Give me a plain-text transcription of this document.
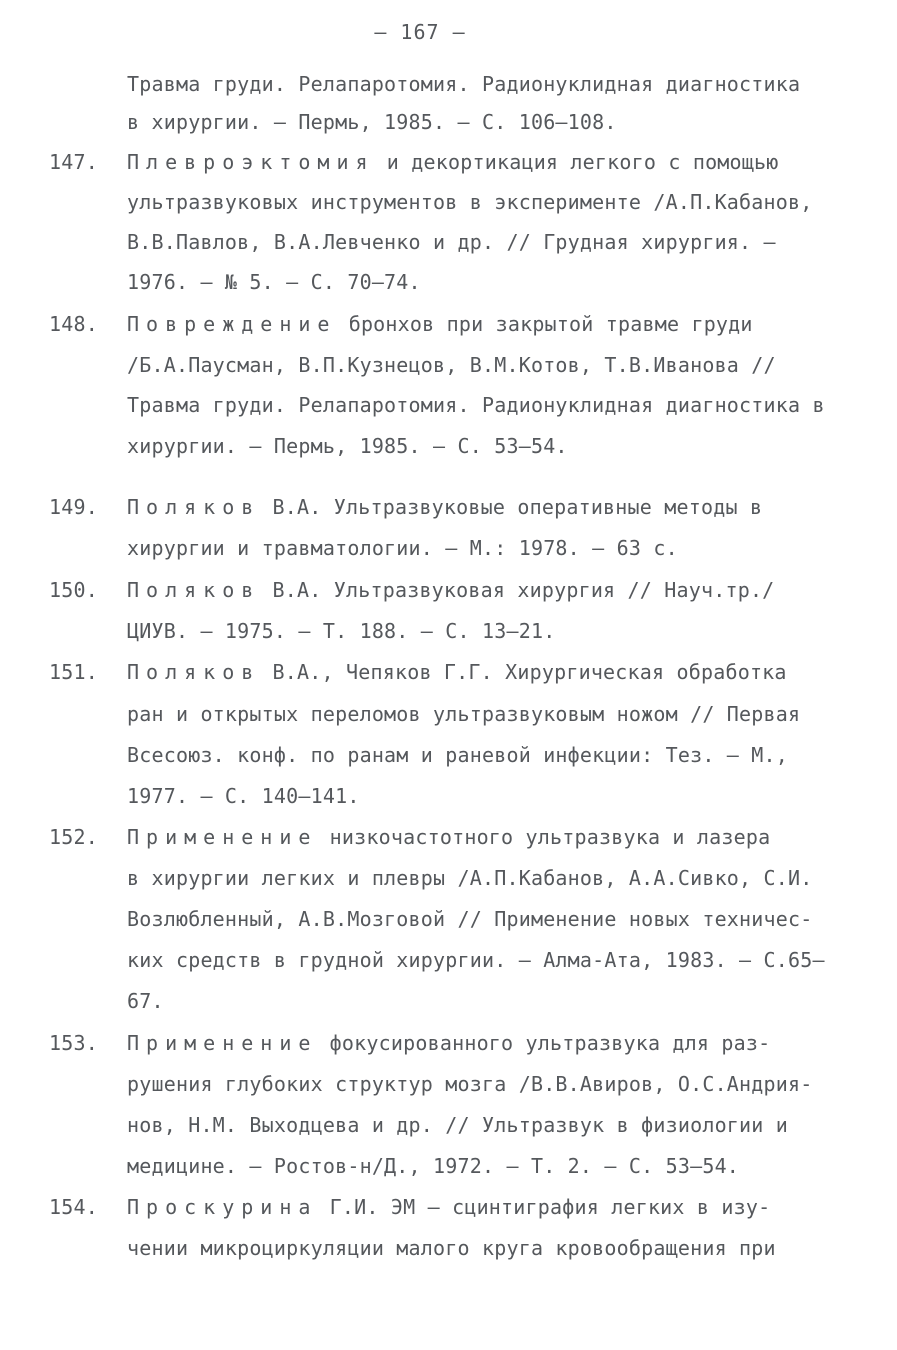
– 167 –
Травма груди. Релапаротомия. Радионуклидная диагностика
в хирургии. – Пермь, 1985. – С. 106–108.
147. Плевроэктомия и декортикация легкого с помощью
ультразвуковых инструментов в эксперименте /А.П.Кабанов,
В.В.Павлов, В.А.Левченко и др. // Грудная хирургия. –
1976. – № 5. – С. 70–74.
148. Повреждение бронхов при закрытой травме груди
/Б.А.Паусман, В.П.Кузнецов, В.М.Котов, Т.В.Иванова //
Травма груди. Релапаротомия. Радионуклидная диагностика в
хирургии. – Пермь, 1985. – С. 53–54.
149. Поляков В.А. Ультразвуковые оперативные методы в
хирургии и травматологии. – М.: 1978. – 63 с.
150. Поляков В.А. Ультразвуковая хирургия // Науч.тр./
ЦИУВ. – 1975. – Т. 188. – С. 13–21.
151. Поляков В.А., Чепяков Г.Г. Хирургическая обработка
ран и открытых переломов ультразвуковым ножом // Первая
Всесоюз. конф. по ранам и раневой инфекции: Тез. – М.,
1977. – С. 140–141.
152. Применение низкочастотного ультразвука и лазера
в хирургии легких и плевры /А.П.Кабанов, А.А.Сивко, С.И.
Возлюбленный, А.В.Мозговой // Применение новых техничес-
ких средств в грудной хирургии. – Алма-Ата, 1983. – С.65–
67.
153. Применение фокусированного ультразвука для раз-
рушения глубоких структур мозга /В.В.Авиров, О.С.Андрия-
нов, Н.М. Выходцева и др. // Ультразвук в физиологии и
медицине. – Ростов-н/Д., 1972. – Т. 2. – С. 53–54.
154. Проскурина Г.И. ЭМ – сцинтиграфия легких в изу-
чении микроциркуляции малого круга кровообращения при
